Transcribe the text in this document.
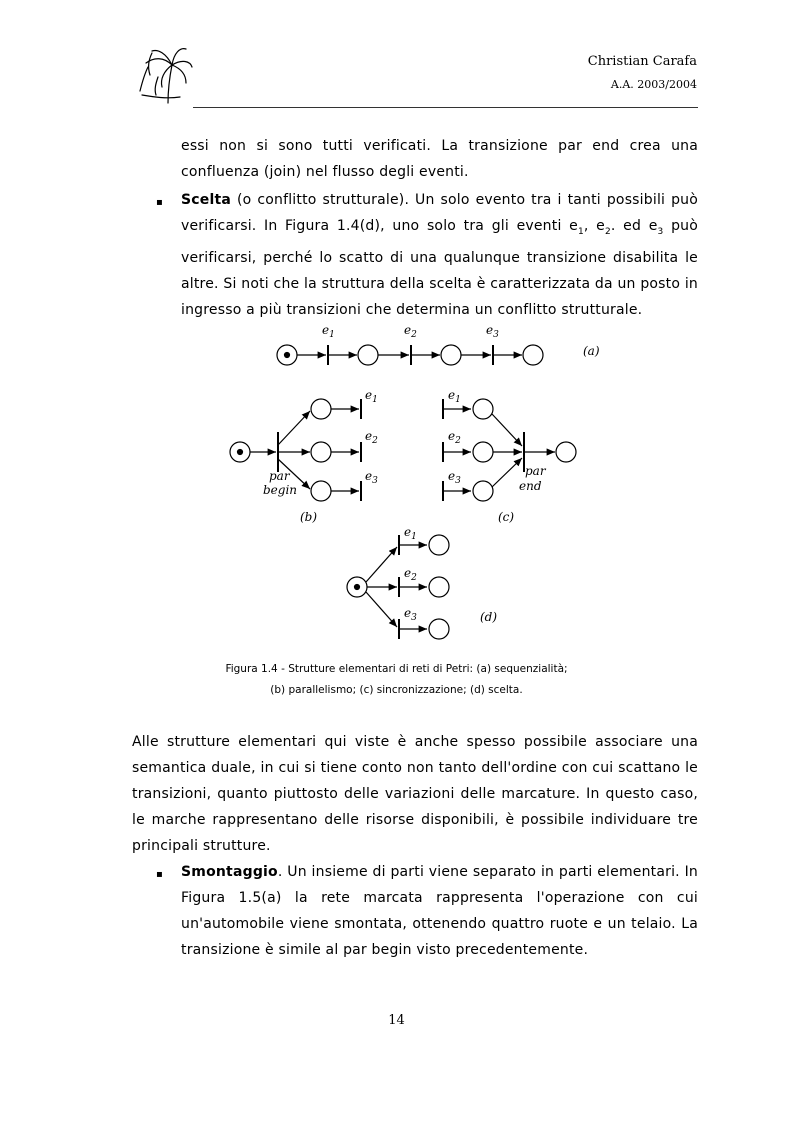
Christian Carafa
A.A. 2003/2004
essi non si sono tutti verificati. La transizione par end crea una confluenza (join) nel flusso degli eventi.
▪ Scelta (o conflitto strutturale). Un solo evento tra i tanti possibili può verificarsi. In Figura 1.4(d), uno solo tra gli eventi $e_1$, $e_2$. ed $e_3$ può verificarsi, perché lo scatto di una qualunque transizione disabilita le altre. Si noti che la struttura della scelta è caratterizzata da un posto in ingresso a più transizioni che determina un conflitto strutturale.
$e_1$	$e_2$	$e_3$
(a)
$e_1$
$e_2$
$e_3$
par
begin
(b)
$e_1$
$e_2$
$e_3$
par
end
(c)
$e_1$
$e_2$
$e_3$	(d)
Figura 1.4 - Strutture elementari di reti di Petri: (a) sequenzialità;
(b) parallelismo; (c) sincronizzazione; (d) scelta.
Alle strutture elementari qui viste è anche spesso possibile associare una semantica duale, in cui si tiene conto non tanto dell'ordine con cui scattano le transizioni, quanto piuttosto delle variazioni delle marcature. In questo caso, le marche rappresentano delle risorse disponibili, è possibile individuare tre principali strutture.
▪ Smontaggio. Un insieme di parti viene separato in parti elementari. In Figura 1.5(a) la rete marcata rappresenta l'operazione con cui un'automobile viene smontata, ottenendo quattro ruote e un telaio. La transizione è simile al par begin visto precedentemente.
14
